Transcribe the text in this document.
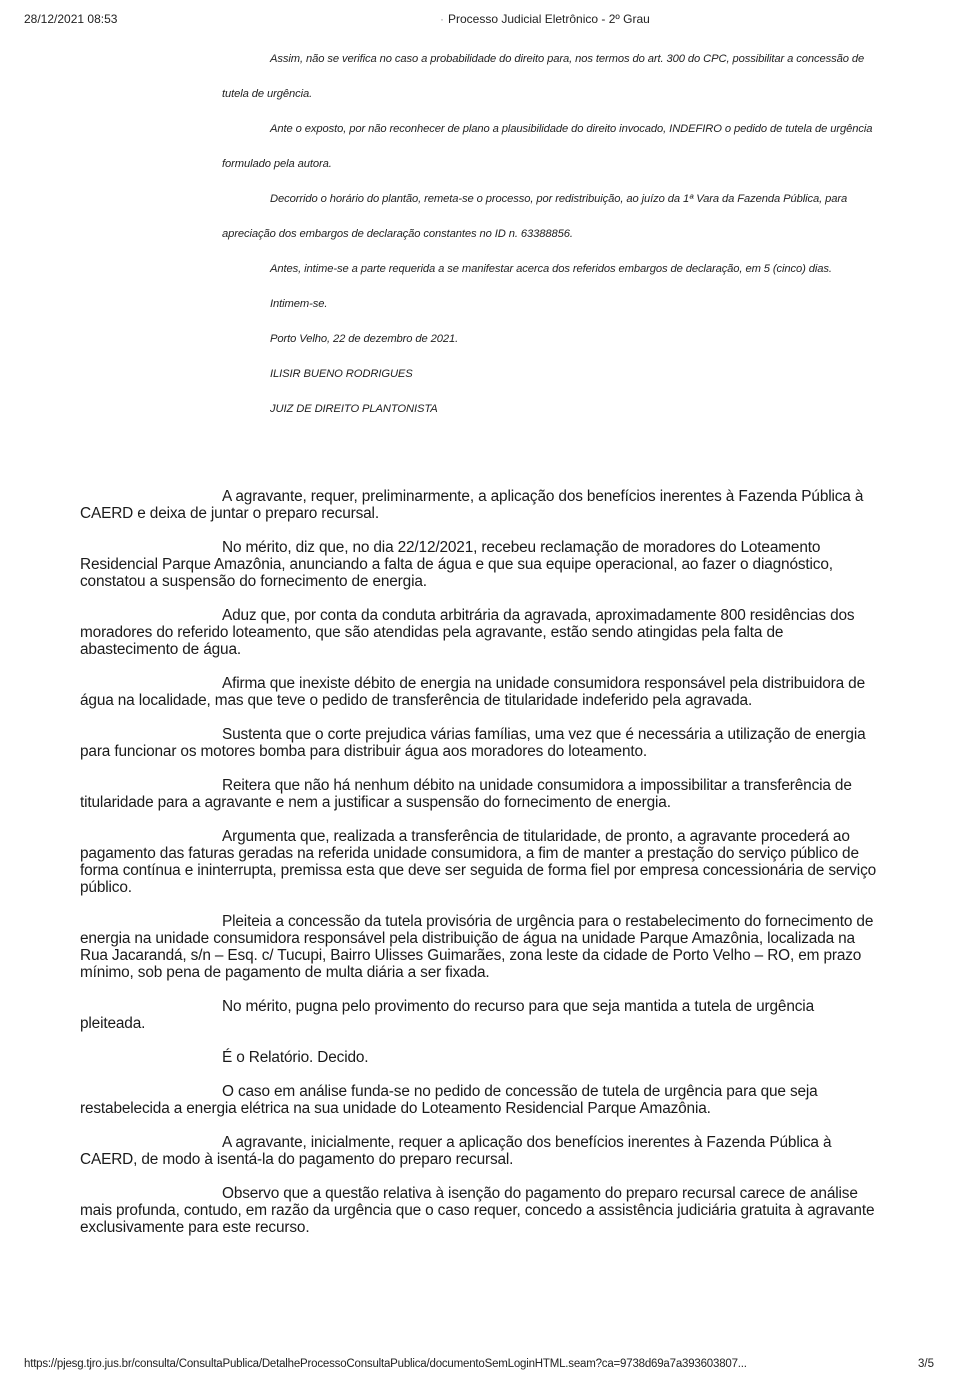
28/12/2021 08:53	· Processo Judicial Eletrônico - 2º Grau

Assim, não se verifica no caso a probabilidade do direito para, nos termos do art. 300 do CPC, possibilitar a concessão de tutela de urgência.

Ante o exposto, por não reconhecer de plano a plausibilidade do direito invocado, INDEFIRO o pedido de tutela de urgência formulado pela autora.

Decorrido o horário do plantão, remeta-se o processo, por redistribuição, ao juízo da 1ª Vara da Fazenda Pública, para apreciação dos embargos de declaração constantes no ID n. 63388856.

Antes, intime-se a parte requerida a se manifestar acerca dos referidos embargos de declaração, em 5 (cinco) dias.

Intimem-se.

Porto Velho, 22 de dezembro de 2021.

ILISIR BUENO RODRIGUES

JUIZ DE DIREITO PLANTONISTA

A agravante, requer, preliminarmente, a aplicação dos benefícios inerentes à Fazenda Pública à CAERD e deixa de juntar o preparo recursal.

No mérito, diz que, no dia 22/12/2021, recebeu reclamação de moradores do Loteamento Residencial Parque Amazônia, anunciando a falta de água e que sua equipe operacional, ao fazer o diagnóstico, constatou a suspensão do fornecimento de energia.

Aduz que, por conta da conduta arbitrária da agravada, aproximadamente 800 residências dos moradores do referido loteamento, que são atendidas pela agravante, estão sendo atingidas pela falta de abastecimento de água.

Afirma que inexiste débito de energia na unidade consumidora responsável pela distribuidora de água na localidade, mas que teve o pedido de transferência de titularidade indeferido pela agravada.

Sustenta que o corte prejudica várias famílias, uma vez que é necessária a utilização de energia para funcionar os motores bomba para distribuir água aos moradores do loteamento.

Reitera que não há nenhum débito na unidade consumidora a impossibilitar a transferência de titularidade para a agravante e nem a justificar a suspensão do fornecimento de energia.

Argumenta que, realizada a transferência de titularidade, de pronto, a agravante procederá ao pagamento das faturas geradas na referida unidade consumidora, a fim de manter a prestação do serviço público de forma contínua e ininterrupta, premissa esta que deve ser seguida de forma fiel por empresa concessionária de serviço público.

Pleiteia a concessão da tutela provisória de urgência para o restabelecimento do fornecimento de energia na unidade consumidora responsável pela distribuição de água na unidade Parque Amazônia, localizada na Rua Jacarandá, s/n – Esq. c/ Tucupi, Bairro Ulisses Guimarães, zona leste da cidade de Porto Velho – RO, em prazo mínimo, sob pena de pagamento de multa diária a ser fixada.

No mérito, pugna pelo provimento do recurso para que seja mantida a tutela de urgência pleiteada.

É o Relatório. Decido.

O caso em análise funda-se no pedido de concessão de tutela de urgência para que seja restabelecida a energia elétrica na sua unidade do Loteamento Residencial Parque Amazônia.

A agravante, inicialmente, requer a aplicação dos benefícios inerentes à Fazenda Pública à CAERD, de modo à isentá-la do pagamento do preparo recursal.

Observo que a questão relativa à isenção do pagamento do preparo recursal carece de análise mais profunda, contudo, em razão da urgência que o caso requer, concedo a assistência judiciária gratuita à agravante exclusivamente para este recurso.

https://pjesg.tjro.jus.br/consulta/ConsultaPublica/DetalheProcessoConsultaPublica/documentoSemLoginHTML.seam?ca=9738d69a7a393603807...	3/5
